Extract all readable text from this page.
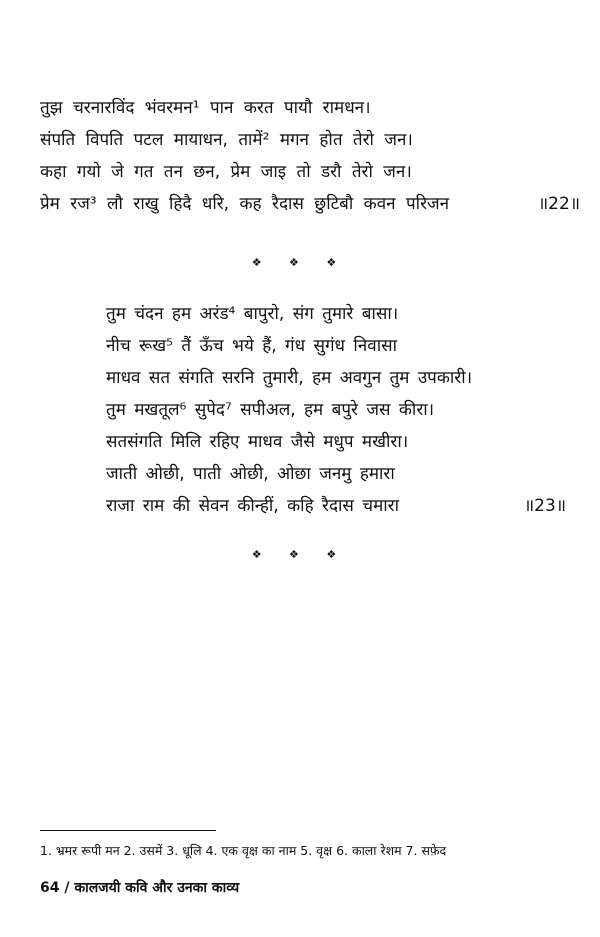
तुझ चरनारविंद भंवरमन¹ पान करत पायौ रामधन।
संपति विपति पटल मायाधन, तामें² मगन होत तेरो जन।
कहा गयो जे गत तन छन, प्रेम जाइ तो डरौ तेरो जन।
प्रेम रज³ लौ राखु हिदै धरि, कह रैदास छुटिबौ कवन परिजन	॥22॥
❖ ❖ ❖
तुम चंदन हम अरंड⁴ बापुरो, संग तुमारे बासा।
नीच रूख⁵ तैं ऊँच भये हैं, गंध सुगंध निवासा
माधव सत संगति सरनि तुमारी, हम अवगुन तुम उपकारी।
तुम मखतूल⁶ सुपेद⁷ सपीअल, हम बपुरे जस कीरा।
सतसंगति मिलि रहिए माधव जैसे मधुप मखीरा।
जाती ओछी, पाती ओछी, ओछा जनमु हमारा
राजा राम की सेवन कीन्हीं, कहि रैदास चमारा	॥23॥
❖ ❖ ❖
1. भ्रमर रूपी मन 2. उसमें 3. धूलि 4. एक वृक्ष का नाम 5. वृक्ष 6. काला रेशम 7. सफ़ेद
64 / कालजयी कवि और उनका काव्य
